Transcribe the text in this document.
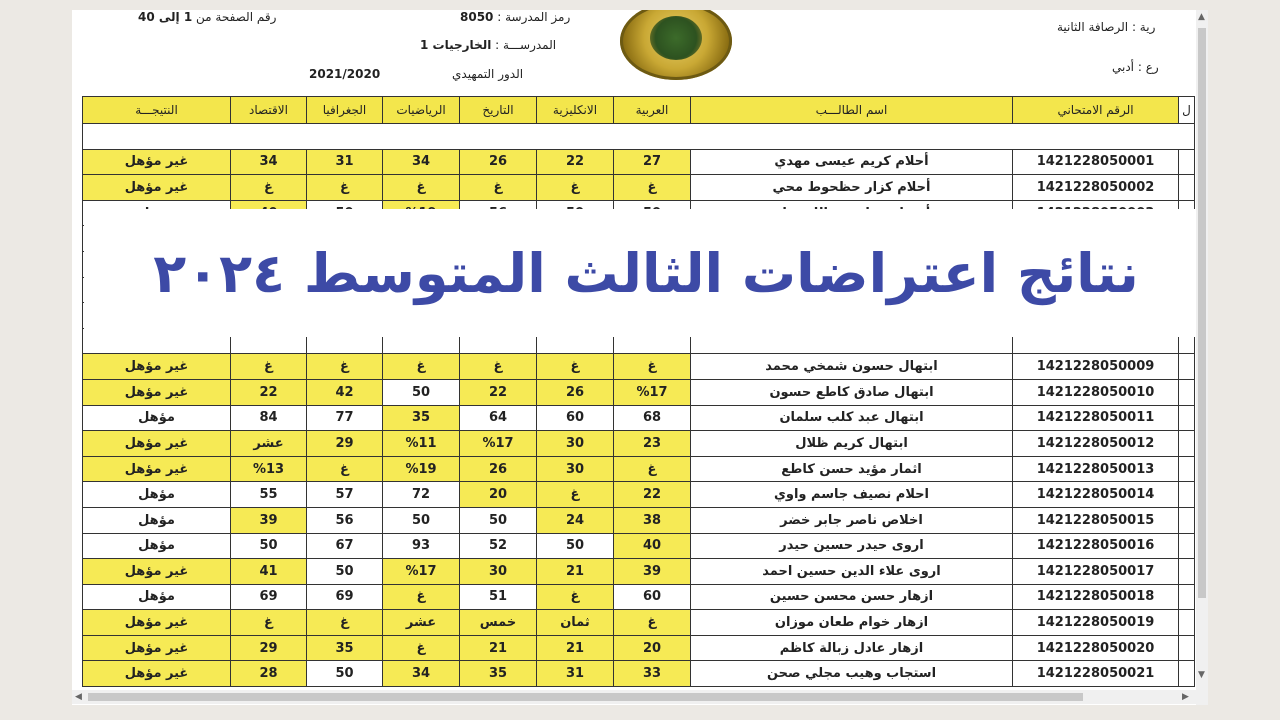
رية : الرصافة الثانية
رع : أدبي
رمز المدرسة : 8050
المدرســـة : الخارجيات 1
الدور التمهيدي
2021/2020
رقم الصفحة من 1 إلى 40
ل	الرقم الامتحاني	اسم الطالـــب	العربية	الانكليزية	التاريخ	الرياضيات	الجغرافيا	الاقتصاد	النتيجـــة

	1421228050001	أحلام كريم عيسى مهدي	27	22	26	34	31	34	غير مؤهل
	1421228050002	أحلام كزار حظحوط محي	غ	غ	غ	غ	غ	غ	غير مؤهل

	1421228050009	ابتهال حسون شمخي محمد	غ	غ	غ	غ	غ	غ	غير مؤهل
	1421228050010	ابتهال صادق كاطع حسون	%17	26	22	50	42	22	غير مؤهل
	1421228050011	ابتهال عبد كلب سلمان	68	60	64	35	77	84	مؤهل
	1421228050012	ابتهال كريم ظلال	23	30	%17	%11	29	عشر	غير مؤهل
	1421228050013	اثمار مؤيد حسن كاطع	غ	30	26	%19	غ	%13	غير مؤهل
	1421228050014	احلام نصيف جاسم واوي	22	غ	20	72	57	55	مؤهل
	1421228050015	اخلاص ناصر جابر خضر	38	24	50	50	56	39	مؤهل
	1421228050016	اروى حيدر حسين حيدر	40	50	52	93	67	50	مؤهل
	1421228050017	اروى علاء الدين حسين احمد	39	21	30	%17	50	41	غير مؤهل
	1421228050018	ازهار حسن محسن حسين	60	غ	51	غ	69	69	مؤهل
	1421228050019	ازهار خوام طعان موزان	غ	ثمان	خمس	عشر	غ	غ	غير مؤهل
	1421228050020	ازهار عادل زبالة كاظم	20	21	21	غ	35	29	غير مؤهل
	1421228050021	استجاب وهيب مجلي صحن	33	31	35	34	50	28	غير مؤهل
نتائج اعتراضات الثالث المتوسط ٢٠٢٤
▲
▼
◀	▶
